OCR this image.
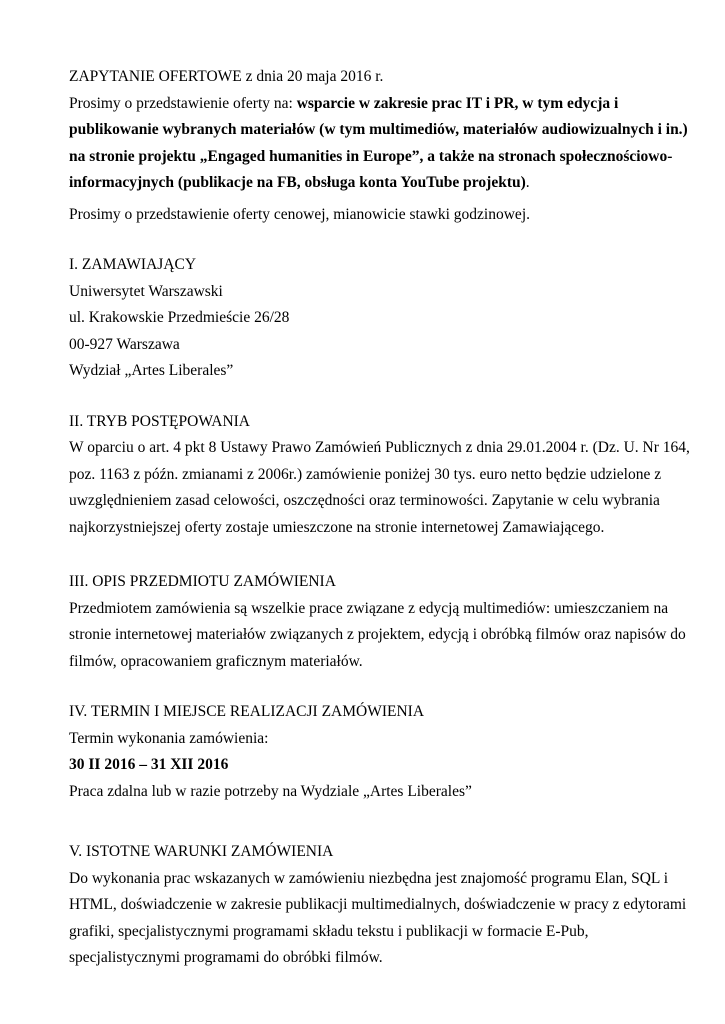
ZAPYTANIE OFERTOWE z dnia 20 maja 2016 r.
Prosimy o przedstawienie oferty na: wsparcie w zakresie prac IT i PR, w tym edycja i
publikowanie wybranych materiałów (w tym multimediów, materiałów audiowizualnych i in.)
na stronie projektu „Engaged humanities in Europe”, a także na stronach społecznościowo-
informacyjnych (publikacje na FB, obsługa konta YouTube projektu).
Prosimy o przedstawienie oferty cenowej, mianowicie stawki godzinowej.
I. ZAMAWIAJĄCY
Uniwersytet Warszawski
ul. Krakowskie Przedmieście 26/28
00-927 Warszawa
Wydział „Artes Liberales”
II. TRYB POSTĘPOWANIA
W oparciu o art. 4 pkt 8 Ustawy Prawo Zamówień Publicznych z dnia 29.01.2004 r. (Dz. U. Nr 164,
poz. 1163 z późn. zmianami z 2006r.) zamówienie poniżej 30 tys. euro netto będzie udzielone z
uwzględnieniem zasad celowości, oszczędności oraz terminowości. Zapytanie w celu wybrania
najkorzystniejszej oferty zostaje umieszczone na stronie internetowej Zamawiającego.
III. OPIS PRZEDMIOTU ZAMÓWIENIA
Przedmiotem zamówienia są wszelkie prace związane z edycją multimediów: umieszczaniem na
stronie internetowej materiałów związanych z projektem, edycją i obróbką filmów oraz napisów do
filmów, opracowaniem graficznym materiałów.
IV. TERMIN I MIEJSCE REALIZACJI ZAMÓWIENIA
Termin wykonania zamówienia:
30 II 2016 – 31 XII 2016
Praca zdalna lub w razie potrzeby na Wydziale „Artes Liberales”
V. ISTOTNE WARUNKI ZAMÓWIENIA
Do wykonania prac wskazanych w zamówieniu niezbędna jest znajomość programu Elan, SQL i
HTML, doświadczenie w zakresie publikacji multimedialnych, doświadczenie w pracy z edytorami
grafiki, specjalistycznymi programami składu tekstu i publikacji w formacie E-Pub,
specjalistycznymi programami do obróbki filmów.
